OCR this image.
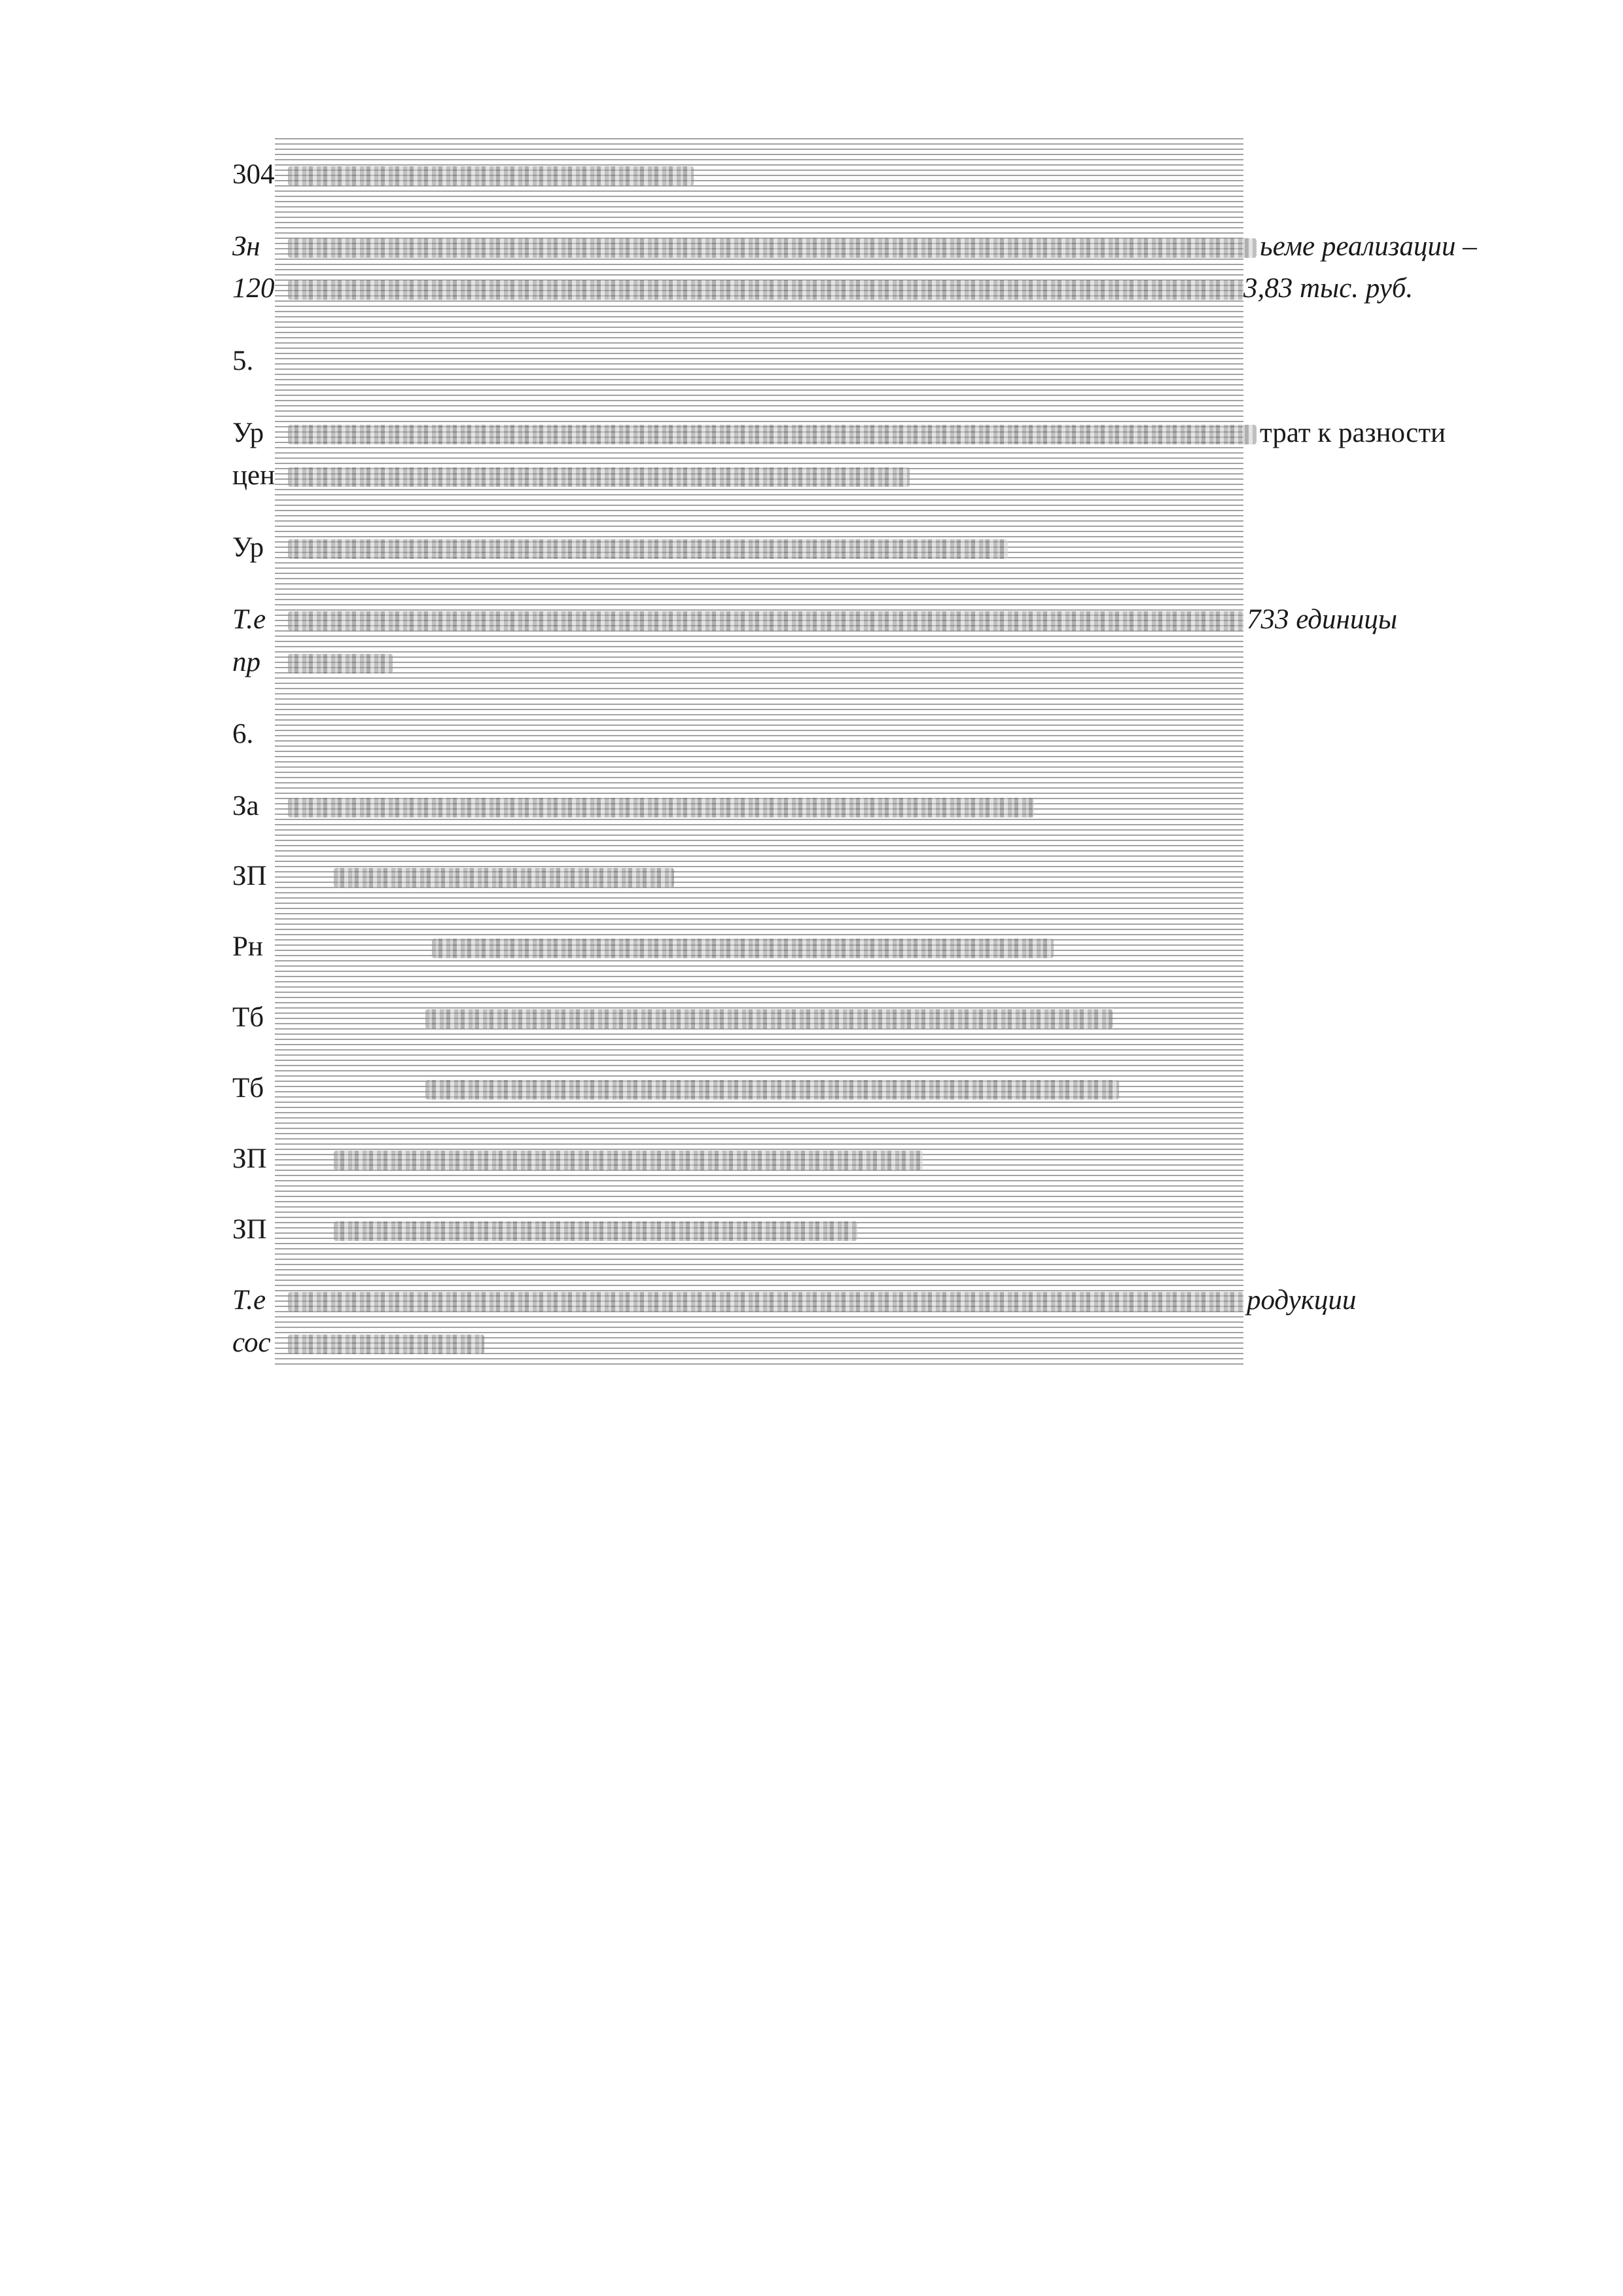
304
Зн	ьеме реализации –
120	3,83 тыс. руб.
5.
Ур	трат к разности
цен
Ур
Т.е	733 единицы
пр
6.
За
ЗП
Рн
Тб
Тб
ЗП
ЗП
Т.е	родукции
сос
